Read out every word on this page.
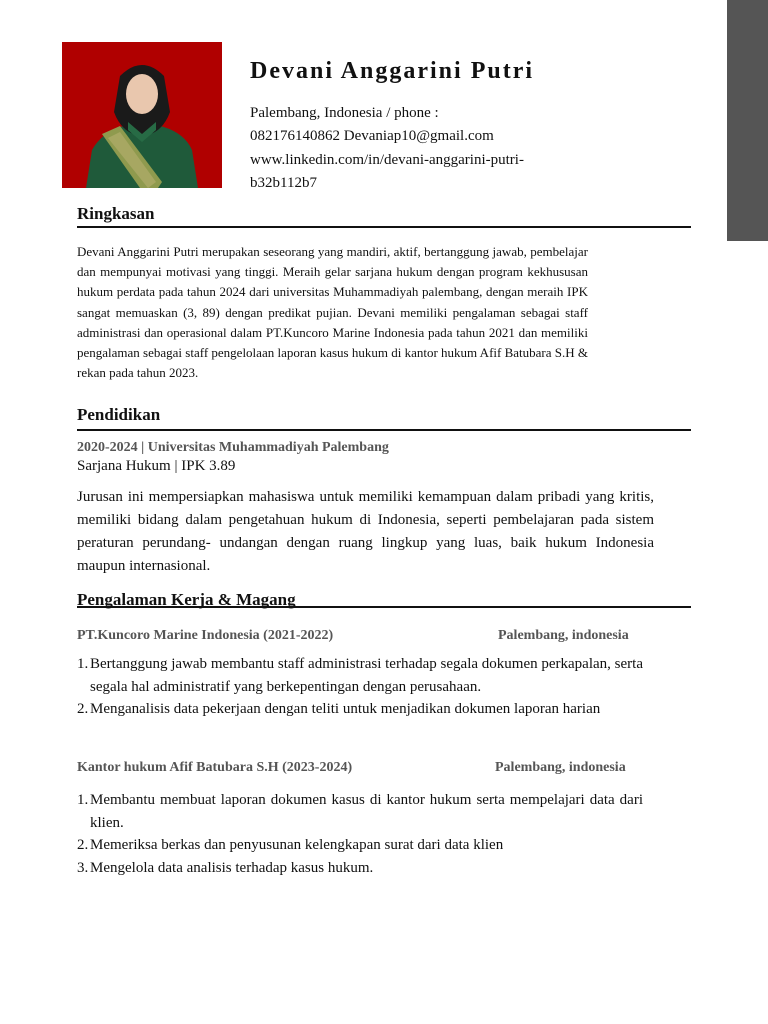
Devani Anggarini Putri
Palembang, Indonesia / phone :
082176140862 Devaniap10@gmail.com
www.linkedin.com/in/devani-anggarini-putri-
b32b112b7
Ringkasan
Devani Anggarini Putri merupakan seseorang yang mandiri, aktif, bertanggung jawab, pembelajar dan mempunyai motivasi yang tinggi. Meraih gelar sarjana hukum dengan program kekhususan hukum perdata pada tahun 2024 dari universitas Muhammadiyah palembang, dengan meraih IPK sangat memuaskan (3, 89) dengan predikat pujian. Devani memiliki pengalaman sebagai staff administrasi dan operasional dalam PT.Kuncoro Marine Indonesia pada tahun 2021 dan memiliki pengalaman sebagai staff pengelolaan laporan kasus hukum di kantor hukum Afif Batubara S.H & rekan pada tahun 2023.
Pendidikan
2020-2024 | Universitas Muhammadiyah Palembang
Sarjana Hukum | IPK 3.89
Jurusan ini mempersiapkan mahasiswa untuk memiliki kemampuan dalam pribadi yang kritis, memiliki bidang dalam pengetahuan hukum di Indonesia, seperti pembelajaran pada sistem peraturan perundang- undangan dengan ruang lingkup yang luas, baik hukum Indonesia maupun internasional.
Pengalaman Kerja & Magang
PT.Kuncoro Marine Indonesia (2021-2022)	Palembang, indonesia
1. Bertanggung jawab membantu staff administrasi terhadap segala dokumen perkapalan, serta segala hal administratif yang berkepentingan dengan perusahaan.
2. Menganalisis data pekerjaan dengan teliti untuk menjadikan dokumen laporan harian
Kantor hukum Afif Batubara S.H (2023-2024)	Palembang, indonesia
1. Membantu membuat laporan dokumen kasus di kantor hukum serta mempelajari data dari klien.
2. Memeriksa berkas dan penyusunan kelengkapan surat dari data klien
3. Mengelola data analisis terhadap kasus hukum.
